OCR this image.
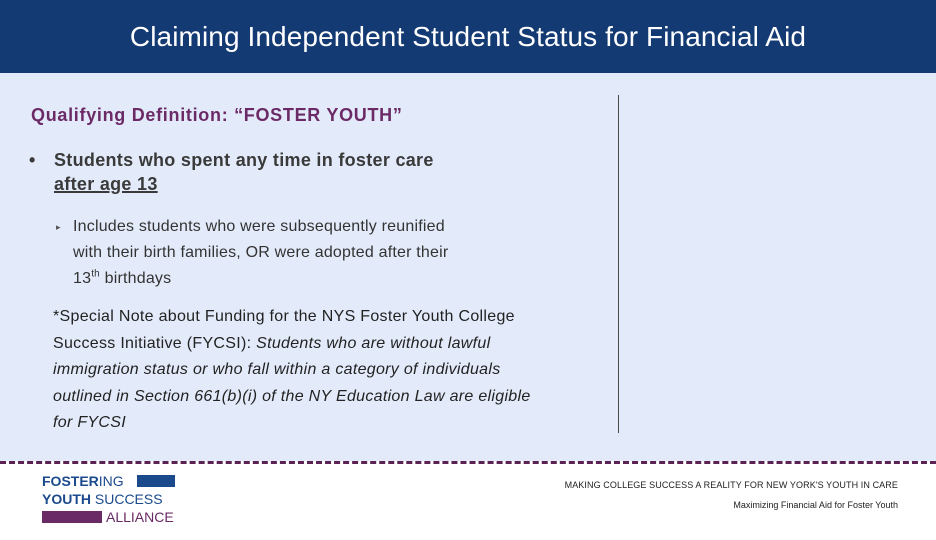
Claiming Independent Student Status for Financial Aid
Qualifying Definition: “FOSTER YOUTH”
• Students who spent any time in foster care
after age 13
▸ Includes students who were subsequently reunified
with their birth families, OR were adopted after their
13th birthdays
*Special Note about Funding for the NYS Foster Youth College Success Initiative (FYCSI): Students who are without lawful immigration status or who fall within a category of individuals outlined in Section 661(b)(i) of the NY Education Law are eligible for FYCSI
FOSTERING
YOUTH SUCCESS
ALLIANCE
MAKING COLLEGE SUCCESS A REALITY FOR NEW YORK'S YOUTH IN CARE
Maximizing Financial Aid for Foster Youth
